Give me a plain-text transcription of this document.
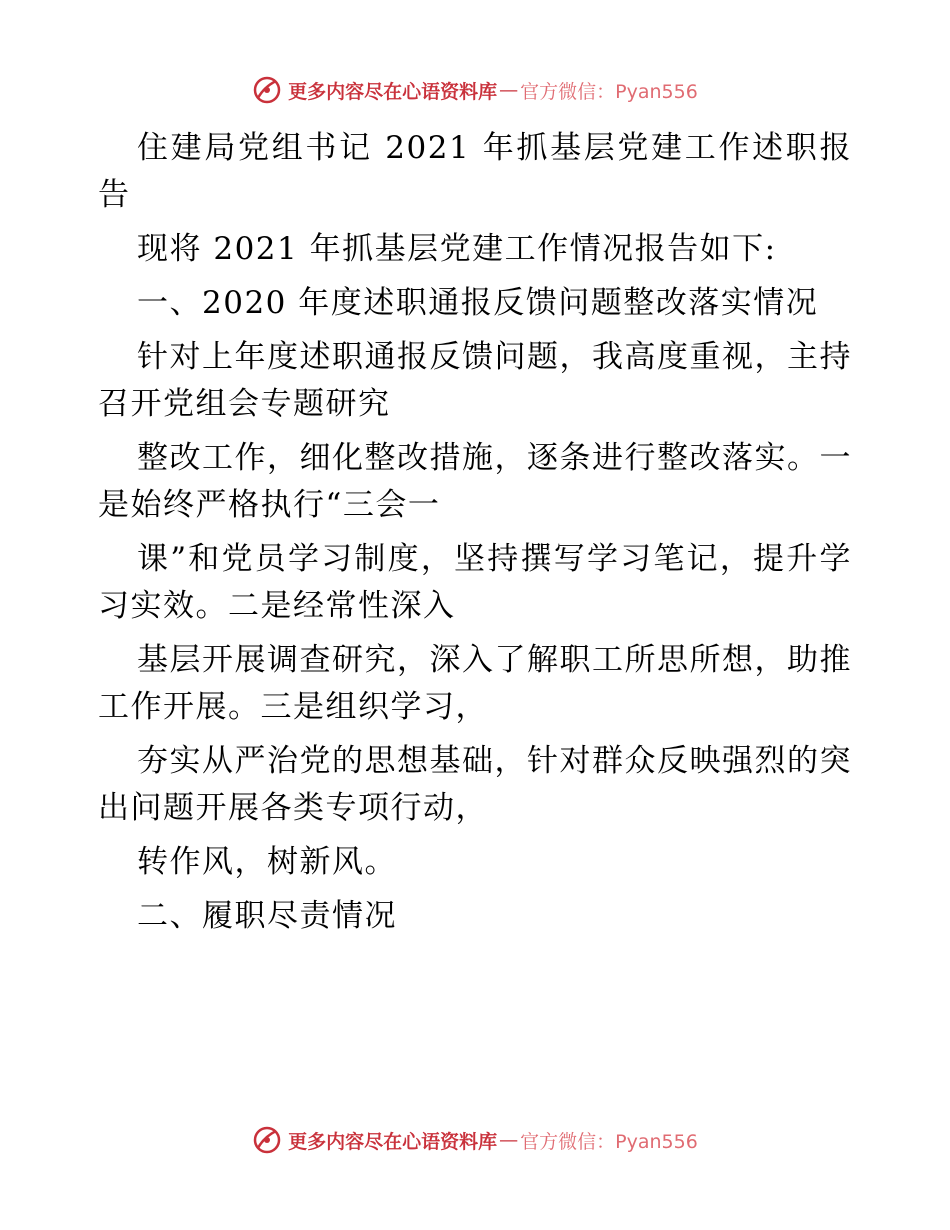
更多内容尽在心语资料库 — 官方微信：Pyan556

住建局党组书记 2021 年抓基层党建工作述职报告

现将 2021 年抓基层党建工作情况报告如下:

一、2020 年度述职通报反馈问题整改落实情况

针对上年度述职通报反馈问题，我高度重视，主持召开党组会专题研究

整改工作，细化整改措施，逐条进行整改落实。一是始终严格执行“三会一

课”和党员学习制度，坚持撰写学习笔记，提升学习实效。二是经常性深入

基层开展调查研究，深入了解职工所思所想，助推工作开展。三是组织学习，

夯实从严治党的思想基础，针对群众反映强烈的突出问题开展各类专项行动，

转作风，树新风。

二、履职尽责情况

更多内容尽在心语资料库 — 官方微信：Pyan556
